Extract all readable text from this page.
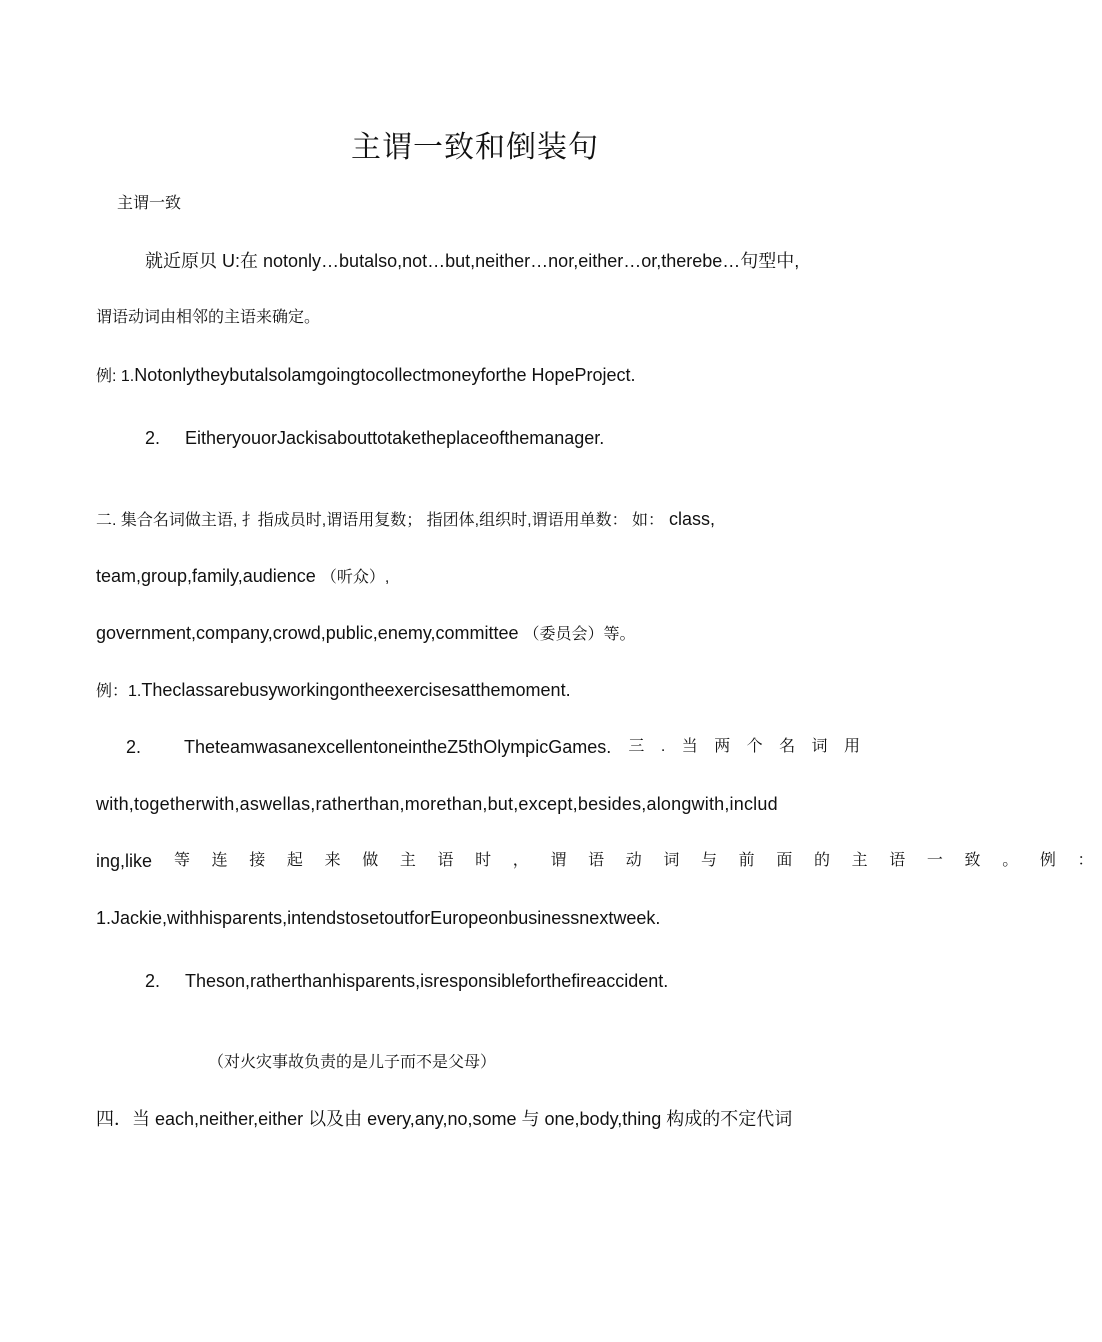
主谓一致和倒装句
主谓一致
就近原贝 U:在 notonly…butalso,not…but,neither…nor,either…or,therebe…句型中,
谓语动词由相邻的主语来确定。
例: 1.Notonlytheybutalsolamgoingtocollectmoneyforthe HopeProject.
2. EitheryouorJackisabouttotaketheplaceofthemanager.
二. 集合名词做主语, 扌指成员时,谓语用复数； 指团体,组织时,谓语用单数： 如： class,
team,group,family,audience （听众）,
government,company,crowd,public,enemy,committee （委员会）等。
例：1.Theclassarebusyworkingontheexercisesatthemoment.
2. TheteamwasanexcellentoneintheZ5thOlympicGames. 三 . 当 两 个 名 词 用
with,togetherwith,aswellas,ratherthan,morethan,but,except,besides,alongwith,includ
ing,like 等 连 接 起 来 做 主 语 时 ， 谓 语 动 词 与 前 面 的 主 语 一 致 。 例 ：
1.Jackie,withhisparents,intendstosetoutforEuropeonbusinessnextweek.
2. Theson,ratherthanhisparents,isresponsibleforthefireaccident.
（对火灾事故负责的是儿子而不是父母）
四．当 each,neither,either 以及由 every,any,no,some 与 one,body,thing 构成的不定代词
